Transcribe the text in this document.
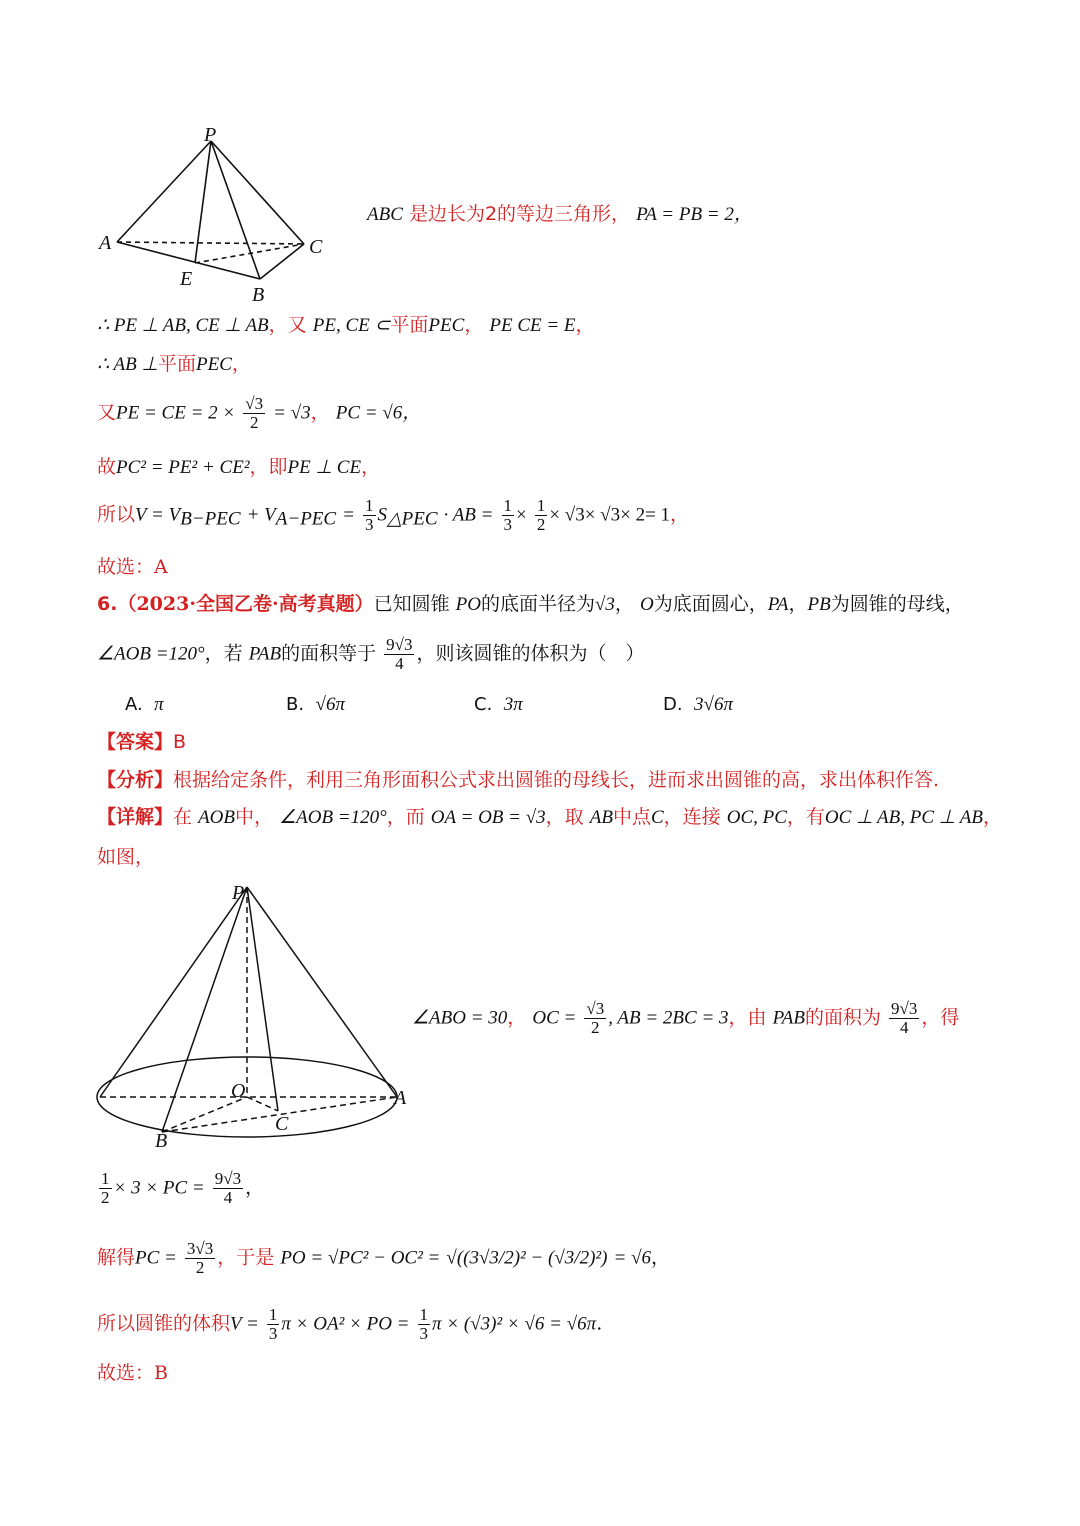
P
A	C
E
B
ABC 是边长为2的等边三角形， PA = PB = 2，
∴ PE ⊥ AB, CE ⊥ AB，又 PE, CE ⊂平面PEC， PE CE = E，
∴ AB ⊥平面PEC，
又PE = CE = $2 \times \frac{√3}{2} = √3$， PC = √6，
故PC² = PE² + CE²，即PE ⊥ CE，
所以$V = V_{B-PEC} + V_{A-PEC} = \frac{1}{3} S_{\triangle PEC}$ · AB = $\frac{1}{3} \times \frac{1}{2} \times √3\times √3\times 2= 1$，
故选：A
6.（2023·全国乙卷·高考真题）已知圆锥 PO的底面半径为√3， O为底面圆心，PA，PB为圆锥的母线，
∠AOB =120°，若 PAB的面积等于 $\frac{9√3}{4}$ ，则该圆锥的体积为（　）
A. π	B. √6π	C. 3π	D. 3√6π
【答案】B
【分析】根据给定条件，利用三角形面积公式求出圆锥的母线长，进而求出圆锥的高，求出体积作答.
【详解】在 AOB中， ∠AOB =120°，而 OA = OB = √3，取 AB中点C，连接 OC, PC，有OC ⊥ AB, PC ⊥ AB，
如图，
P
O	A
B
C
∠ABO = 30， OC = $\frac{√3}{2}$ , AB = 2BC = 3，由 PAB的面积为 $\frac{9√3}{4}$ ，得
$\frac{1}{2} \times 3$ × PC = $\frac{9√3}{4}$ ，
解得PC = $\frac{3√3}{2}$ ，于是 PO = √PC² − OC² = √((3√3/2)² − (√3/2)²) = √6，
所以圆锥的体积$V = \frac{1}{3}$ π × OA² × PO = $\frac{1}{3}$ π × (√3)² × √6 = √6π.
故选：B
